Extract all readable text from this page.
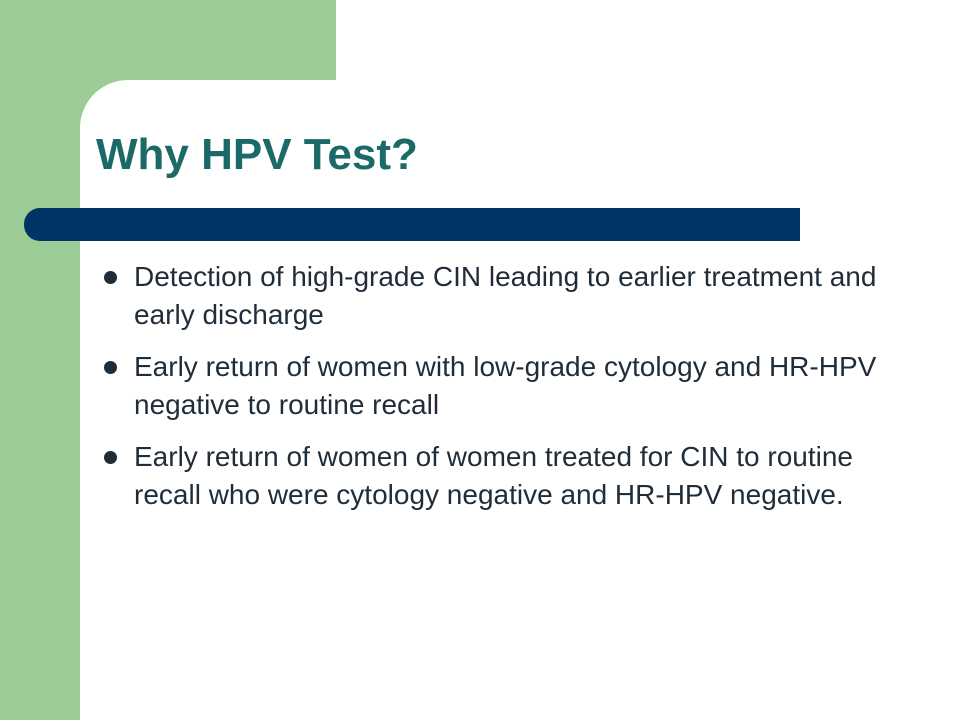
Why HPV Test?
Detection of high-grade CIN leading to earlier treatment and early discharge
Early return of women with low-grade cytology and HR-HPV negative to routine recall
Early return of women of women treated for CIN to routine recall who were cytology negative and HR-HPV negative.
